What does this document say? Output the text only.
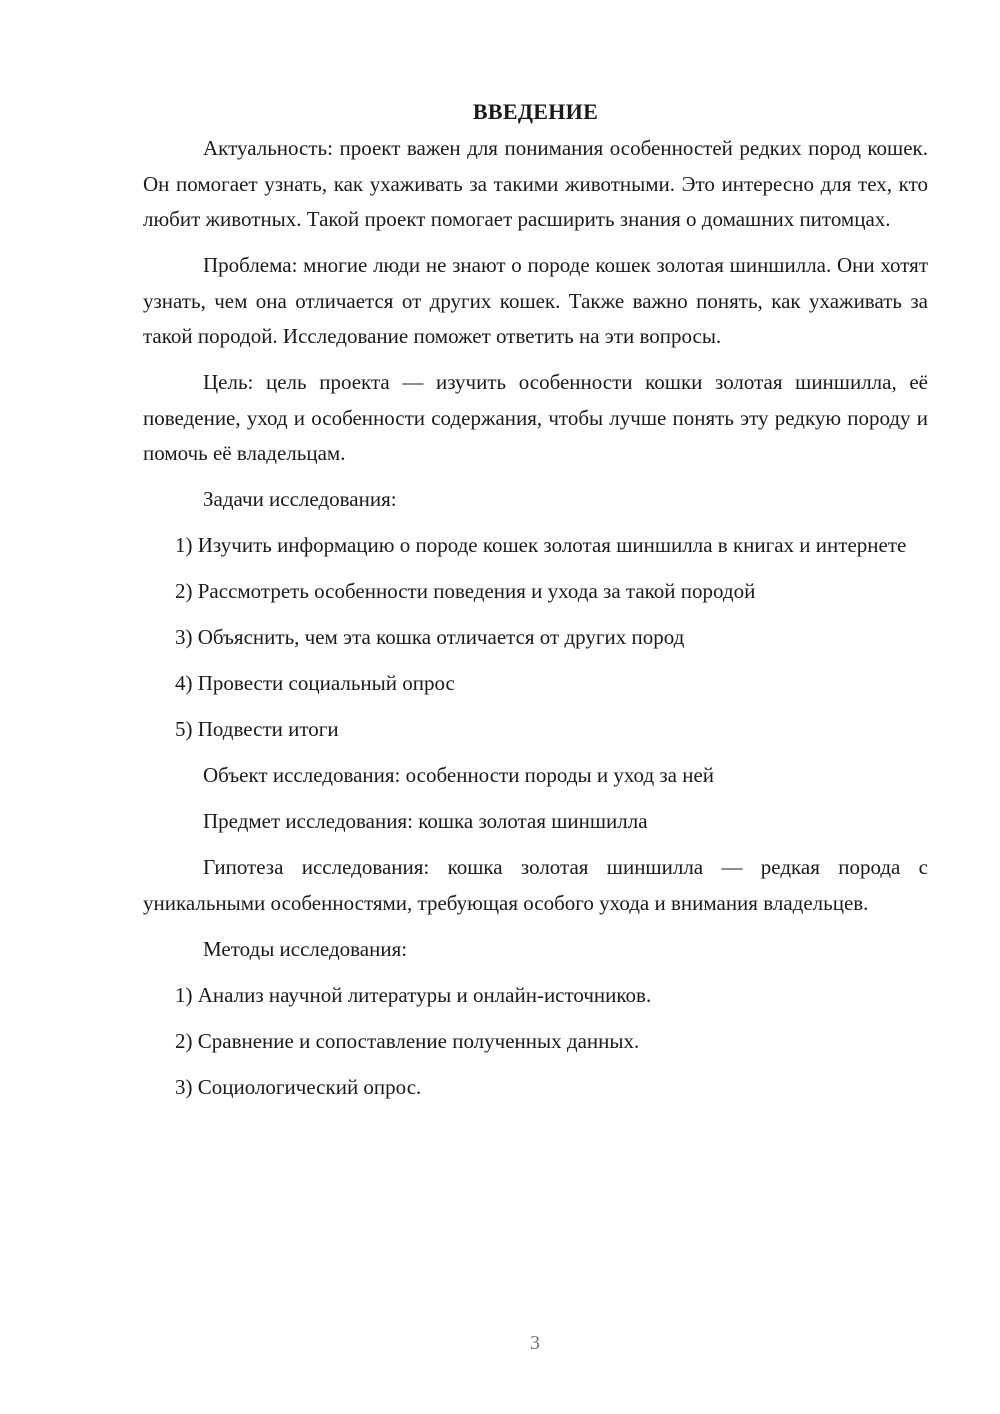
ВВЕДЕНИЕ

Актуальность: проект важен для понимания особенностей редких пород кошек. Он помогает узнать, как ухаживать за такими животными. Это интересно для тех, кто любит животных. Такой проект помогает расширить знания о домашних питомцах.

Проблема: многие люди не знают о породе кошек золотая шиншилла. Они хотят узнать, чем она отличается от других кошек. Также важно понять, как ухаживать за такой породой. Исследование поможет ответить на эти вопросы.

Цель: цель проекта — изучить особенности кошки золотая шиншилла, её поведение, уход и особенности содержания, чтобы лучше понять эту редкую породу и помочь её владельцам.

Задачи исследования:

1) Изучить информацию о породе кошек золотая шиншилла в книгах и интернете

2) Рассмотреть особенности поведения и ухода за такой породой

3) Объяснить, чем эта кошка отличается от других пород

4) Провести социальный опрос

5) Подвести итоги

Объект исследования: особенности породы и уход за ней

Предмет исследования: кошка золотая шиншилла

Гипотеза исследования: кошка золотая шиншилла — редкая порода с уникальными особенностями, требующая особого ухода и внимания владельцев.

Методы исследования:

1) Анализ научной литературы и онлайн-источников.

2) Сравнение и сопоставление полученных данных.

3) Социологический опрос.

3
